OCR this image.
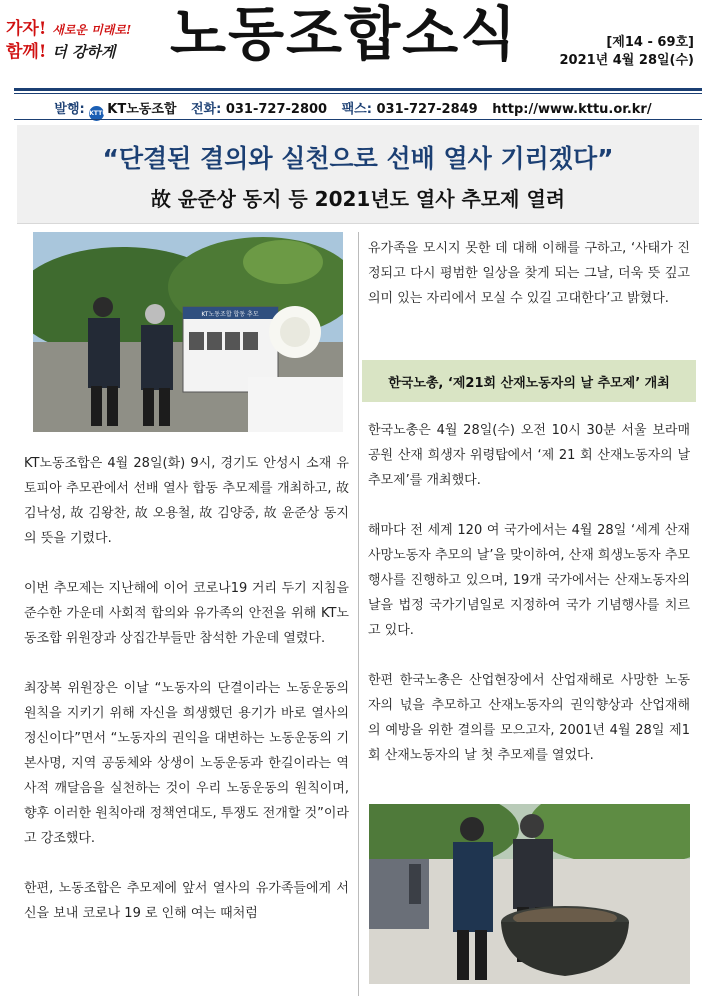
가자! 새로운 미래로!
함께! 더 강하게 노동조합소식	[제14 - 69호]
2021년 4월 28일(수)
발행: KTTUKT노동조합 전화: 031-727-2800 팩스: 031-727-2849 http://www.kttu.or.kr/
“단결된 결의와 실천으로 선배 열사 기리겠다”
故 윤준상 동지 등 2021년도 열사 추모제 열려
KT노동조합 합동 추모

KT노동조합은 4월 28일(화) 9시, 경기도 안성시 소재 유토피아 추모관에서 선배 열사 합동 추모제를 개최하고, 故 김낙성, 故 김왕찬, 故 오용철, 故 김양중, 故 윤준상 동지의 뜻을 기렸다.

이번 추모제는 지난해에 이어 코로나19 거리 두기 지침을 준수한 가운데 사회적 합의와 유가족의 안전을 위해 KT노동조합 위원장과 상집간부들만 참석한 가운데 열렸다.

최장복 위원장은 이날 “노동자의 단결이라는 노동운동의 원칙을 지키기 위해 자신을 희생했던 용기가 바로 열사의 정신이다”면서 “노동자의 권익을 대변하는 노동운동의 기본사명, 지역 공동체와 상생이 노동운동과 한길이라는 역사적 깨달음을 실천하는 것이 우리 노동운동의 원칙이며, 향후 이러한 원칙아래 정책연대도, 투쟁도 전개할 것”이라고 강조했다.

한편, 노동조합은 추모제에 앞서 열사의 유가족들에게 서신을 보내 코로나 19 로 인해 여는 때처럼

유가족을 모시지 못한 데 대해 이해를 구하고, ‘사태가 진정되고 다시 평범한 일상을 찾게 되는 그날, 더욱 뜻 깊고 의미 있는 자리에서 모실 수 있길 고대한다’고 밝혔다.

한국노총, ‘제21회 산재노동자의 날 추모제’ 개최

한국노총은 4월 28일(수) 오전 10시 30분 서울 보라매공원 산재 희생자 위령탑에서 ‘제 21 회 산재노동자의 날 추모제’를 개최했다.

해마다 전 세계 120 여 국가에서는 4월 28일 ‘세계 산재 사망노동자 추모의 날’을 맞이하여, 산재 희생노동자 추모 행사를 진행하고 있으며, 19개 국가에서는 산재노동자의 날을 법정 국가기념일로 지정하여 국가 기념행사를 치르고 있다.

한편 한국노총은 산업현장에서 산업재해로 사망한 노동자의 넋을 추모하고 산재노동자의 권익향상과 산업재해의 예방을 위한 결의를 모으고자, 2001년 4월 28일 제1회 산재노동자의 날 첫 추모제를 열었다.
